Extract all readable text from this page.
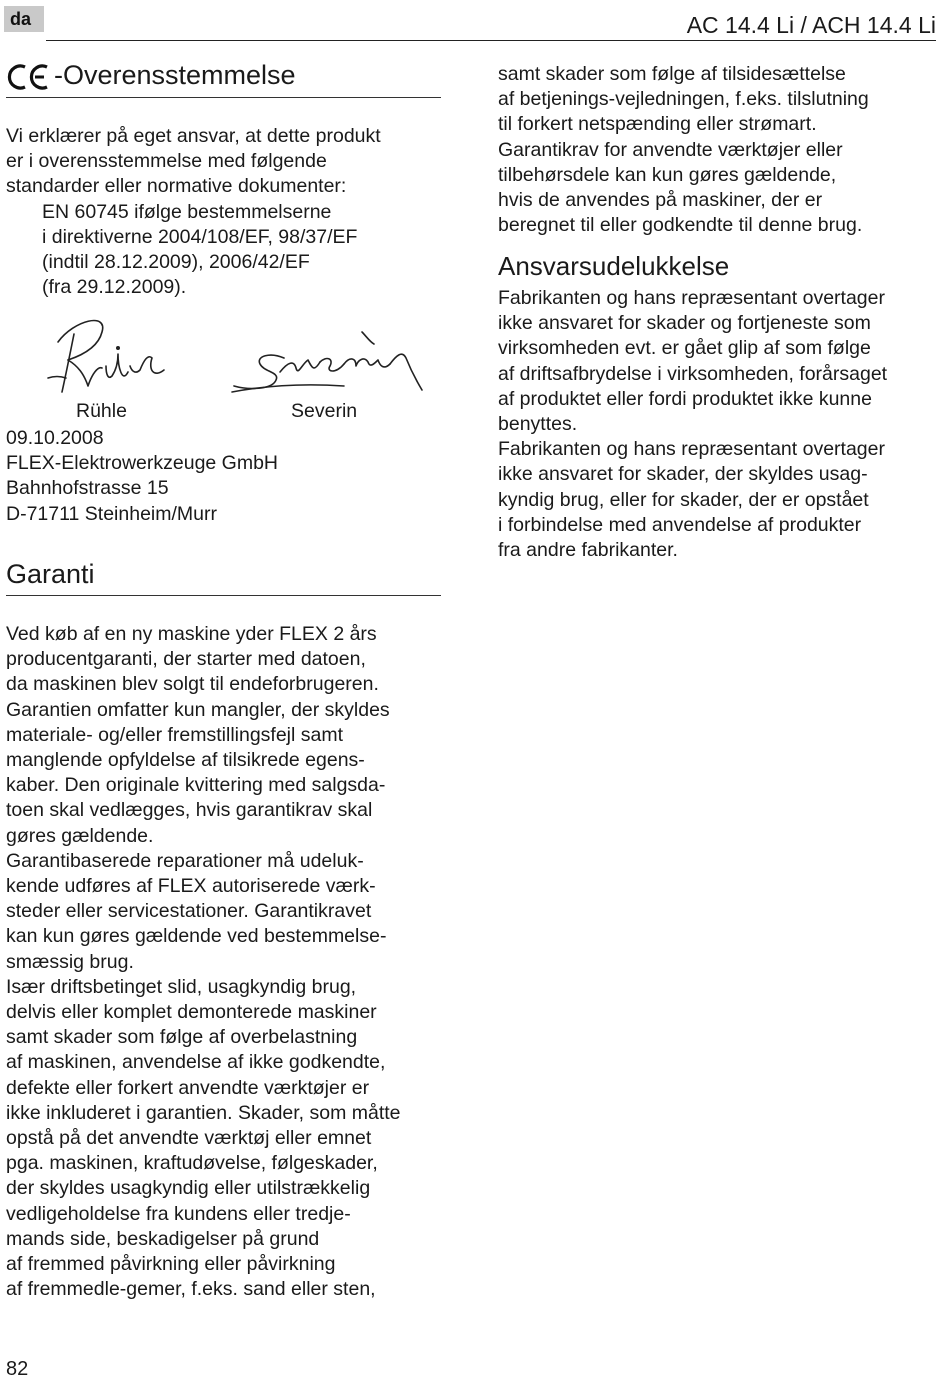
da	AC 14.4 Li / ACH 14.4 Li
-Overensstemmelse

Vi erklærer på eget ansvar, at dette produkt

er i overensstemmelse med følgende

standarder eller normative dokumenter:

EN 60745 ifølge bestemmelserne

i direktiverne 2004/108/EF, 98/37/EF

(indtil 28.12.2009), 2006/42/EF

(fra 29.12.2009).

Rühle	Severin

09.10.2008

FLEX-Elektrowerkzeuge GmbH

Bahnhofstrasse 15

D-71711 Steinheim/Murr

Garanti

Ved køb af en ny maskine yder FLEX 2 års

producentgaranti, der starter med datoen,

da maskinen blev solgt til endeforbrugeren.

Garantien omfatter kun mangler, der skyldes

materiale- og/eller fremstillingsfejl samt

manglende opfyldelse af tilsikrede egens-

kaber. Den originale kvittering med salgsda-

toen skal vedlægges, hvis garantikrav skal

gøres gældende.

Garantibaserede reparationer må udeluk-

kende udføres af FLEX autoriserede værk-

steder eller servicestationer. Garantikravet

kan kun gøres gældende ved bestemmelse-

smæssig brug.

Især driftsbetinget slid, usagkyndig brug,

delvis eller komplet demonterede maskiner

samt skader som følge af overbelastning

af maskinen, anvendelse af ikke godkendte,

defekte eller forkert anvendte værktøjer er

ikke inkluderet i garantien. Skader, som måtte

opstå på det anvendte værktøj eller emnet

pga. maskinen, kraftudøvelse, følgeskader,

der skyldes usagkyndig eller utilstrækkelig

vedligeholdelse fra kundens eller tredje-

mands side, beskadigelser på grund

af fremmed påvirkning eller påvirkning

af fremmedle-gemer, f.eks. sand eller sten,

samt skader som følge af tilsidesættelse

af betjenings-vejledningen, f.eks. tilslutning

til forkert netspænding eller strømart.

Garantikrav for anvendte værktøjer eller

tilbehørsdele kan kun gøres gældende,

hvis de anvendes på maskiner, der er

beregnet til eller godkendte til denne brug.

Ansvarsudelukkelse

Fabrikanten og hans repræsentant overtager

ikke ansvaret for skader og fortjeneste som

virksomheden evt. er gået glip af som følge

af driftsafbrydelse i virksomheden, forårsaget

af produktet eller fordi produktet ikke kunne

benyttes.

Fabrikanten og hans repræsentant overtager

ikke ansvaret for skader, der skyldes usag-

kyndig brug, eller for skader, der er opstået

i forbindelse med anvendelse af produkter

fra andre fabrikanter.

82
